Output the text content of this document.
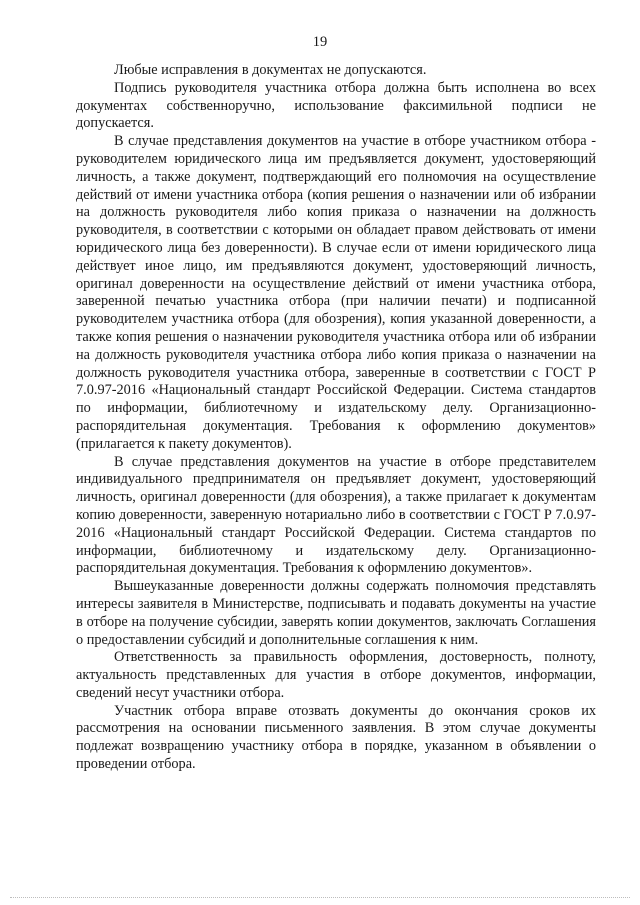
19

Любые исправления в документах не допускаются.

Подпись руководителя участника отбора должна быть исполнена во всех документах собственноручно, использование факсимильной подписи не допускается.

В случае представления документов на участие в отборе участником отбора - руководителем юридического лица им предъявляется документ, удостоверяющий личность, а также документ, подтверждающий его полномочия на осуществление действий от имени участника отбора (копия решения о назначении или об избрании на должность руководителя либо копия приказа о назначении на должность руководителя, в соответствии с которыми он обладает правом действовать от имени юридического лица без доверенности). В случае если от имени юридического лица действует иное лицо, им предъявляются документ, удостоверяющий личность, оригинал доверенности на осуществление действий от имени участника отбора, заверенной печатью участника отбора (при наличии печати) и подписанной руководителем участника отбора (для обозрения), копия указанной доверенности, а также копия решения о назначении руководителя участника отбора или об избрании на должность руководителя участника отбора либо копия приказа о назначении на должность руководителя участника отбора, заверенные в соответствии с ГОСТ Р 7.0.97-2016 «Национальный стандарт Российской Федерации. Система стандартов по информации, библиотечному и издательскому делу. Организационно-распорядительная документация. Требования к оформлению документов» (прилагается к пакету документов).

В случае представления документов на участие в отборе представителем индивидуального предпринимателя он предъявляет документ, удостоверяющий личность, оригинал доверенности (для обозрения), а также прилагает к документам копию доверенности, заверенную нотариально либо в соответствии с ГОСТ Р 7.0.97-2016 «Национальный стандарт Российской Федерации. Система стандартов по информации, библиотечному и издательскому делу. Организационно-распорядительная документация. Требования к оформлению документов».

Вышеуказанные доверенности должны содержать полномочия представлять интересы заявителя в Министерстве, подписывать и подавать документы на участие в отборе на получение субсидии, заверять копии документов, заключать Соглашения о предоставлении субсидий и дополнительные соглашения к ним.

Ответственность за правильность оформления, достоверность, полноту, актуальность представленных для участия в отборе документов, информации, сведений несут участники отбора.

Участник отбора вправе отозвать документы до окончания сроков их рассмотрения на основании письменного заявления. В этом случае документы подлежат возвращению участнику отбора в порядке, указанном в объявлении о проведении отбора.
